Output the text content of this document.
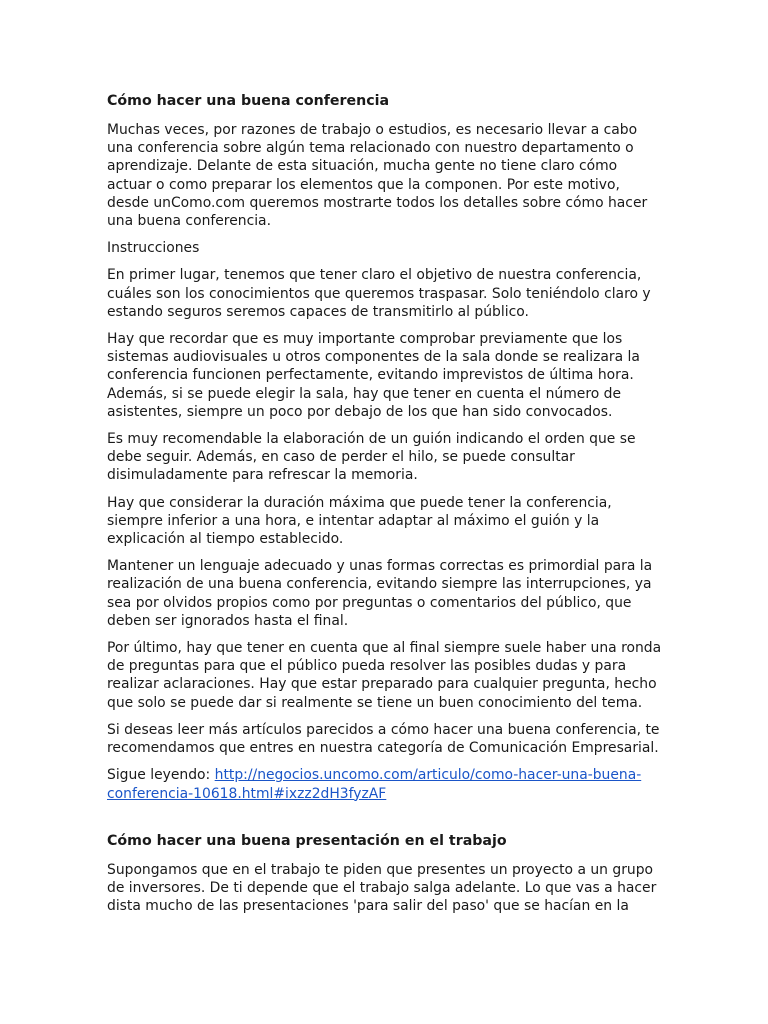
Cómo hacer una buena conferencia

Muchas veces, por razones de trabajo o estudios, es necesario llevar a cabo
una conferencia sobre algún tema relacionado con nuestro departamento o
aprendizaje. Delante de esta situación, mucha gente no tiene claro cómo
actuar o como preparar los elementos que la componen. Por este motivo,
desde unComo.com queremos mostrarte todos los detalles sobre cómo hacer
una buena conferencia.

Instrucciones

En primer lugar, tenemos que tener claro el objetivo de nuestra conferencia,
cuáles son los conocimientos que queremos traspasar. Solo teniéndolo claro y
estando seguros seremos capaces de transmitirlo al público.

Hay que recordar que es muy importante comprobar previamente que los
sistemas audiovisuales u otros componentes de la sala donde se realizara la
conferencia funcionen perfectamente, evitando imprevistos de última hora.
Además, si se puede elegir la sala, hay que tener en cuenta el número de
asistentes, siempre un poco por debajo de los que han sido convocados.

Es muy recomendable la elaboración de un guión indicando el orden que se
debe seguir. Además, en caso de perder el hilo, se puede consultar
disimuladamente para refrescar la memoria.

Hay que considerar la duración máxima que puede tener la conferencia,
siempre inferior a una hora, e intentar adaptar al máximo el guión y la
explicación al tiempo establecido.

Mantener un lenguaje adecuado y unas formas correctas es primordial para la
realización de una buena conferencia, evitando siempre las interrupciones, ya
sea por olvidos propios como por preguntas o comentarios del público, que
deben ser ignorados hasta el final.

Por último, hay que tener en cuenta que al final siempre suele haber una ronda
de preguntas para que el público pueda resolver las posibles dudas y para
realizar aclaraciones. Hay que estar preparado para cualquier pregunta, hecho
que solo se puede dar si realmente se tiene un buen conocimiento del tema.

Si deseas leer más artículos parecidos a cómo hacer una buena conferencia, te
recomendamos que entres en nuestra categoría de Comunicación Empresarial.

Sigue leyendo: http://negocios.uncomo.com/articulo/como-hacer-una-buena-
conferencia-10618.html#ixzz2dH3fyzAF

Cómo hacer una buena presentación en el trabajo

Supongamos que en el trabajo te piden que presentes un proyecto a un grupo
de inversores. De ti depende que el trabajo salga adelante. Lo que vas a hacer
dista mucho de las presentaciones 'para salir del paso' que se hacían en la
